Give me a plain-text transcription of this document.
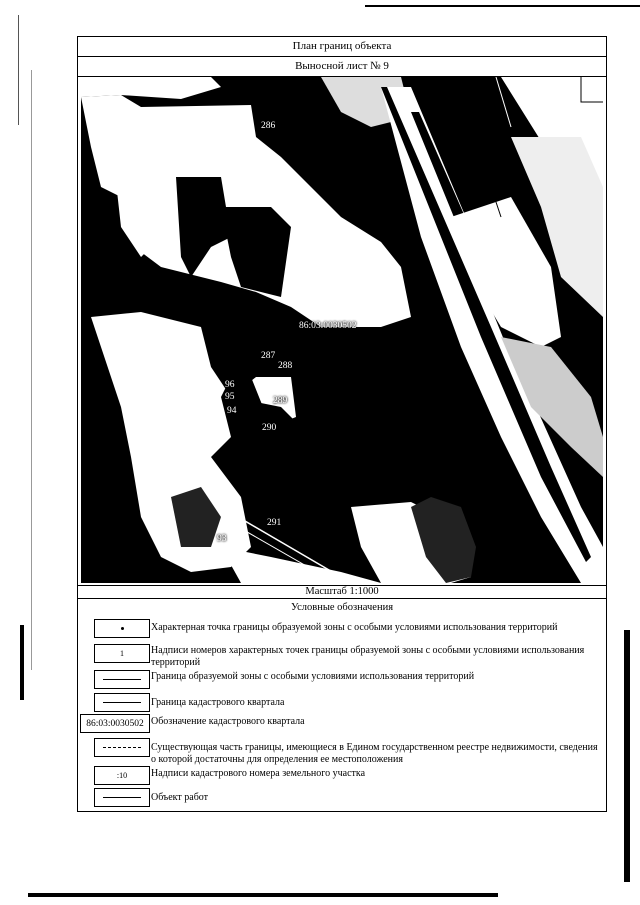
План границ объекта
Выносной лист № 9
286
86:03:0030502
287
288
96
95	289
94
290
291
93
Масштаб 1:1000
Условные обозначения
Характерная точка границы образуемой зоны с особыми условиями использования территорий
1	Надписи номеров характерных точек границы образуемой зоны с особыми условиями использования территорий
Граница образуемой зоны с особыми условиями использования территорий
Граница кадастрового квартала
86:03:0030502 Обозначение кадастрового квартала
Существующая часть границы, имеющиеся в Едином государственном реестре недвижимости, сведения о которой достаточны для определения ее местоположения
:10	Надписи кадастрового номера земельного участка
Объект работ
